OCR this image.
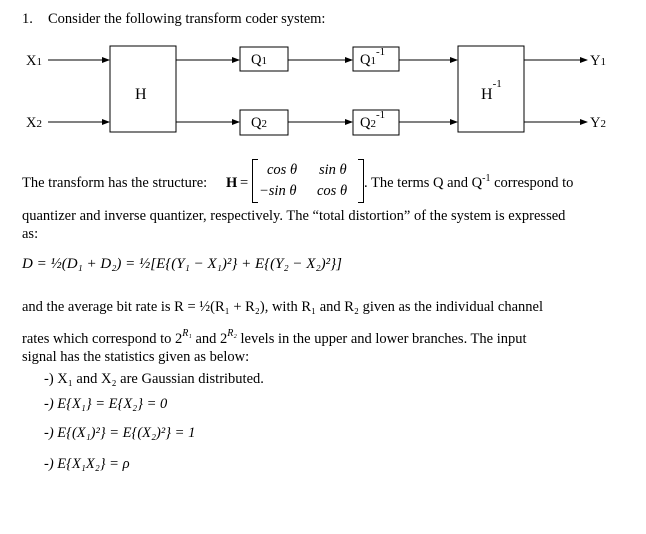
1. Consider the following transform coder system:
X1
X2
H
Q1
Q2
$Q1^{-1}$
$Q2^{-1}$
$H^{-1}$
Y1
Y2
The transform has the structure: H =
cos θ sin θ
−sin θ cos θ . The terms Q and $Q^{-1}$ correspond to
quantizer and inverse quantizer, respectively. The “total distortion” of the system is expressed
as:
D = ½(D₁ + D₂) = ½[E{(Y₁ − X₁)²} + E{(Y₂ − X₂)²}]
and the average bit rate is R = ½(R₁ + R₂), with R₁ and R₂ given as the individual channel
rates which correspond to $2^{R_1}$ and $2^{R_2}$ levels in the upper and lower branches. The input
signal has the statistics given as below:
-) X₁ and X₂ are Gaussian distributed.
-) E{X₁} = E{X₂} = 0
-) E{(X₁)²} = E{(X₂)²} = 1
-) E{X₁X₂} = ρ
